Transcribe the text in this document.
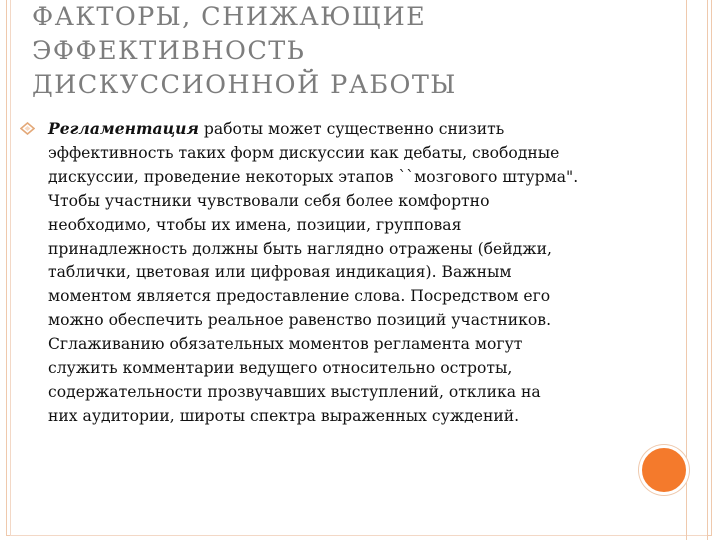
ФАКТОРЫ, СНИЖАЮЩИЕ
ЭФФЕКТИВНОСТЬ
ДИСКУССИОННОЙ РАБОТЫ
Регламентация работы может существенно снизить
эффективность таких форм дискуссии как дебаты, свободные
дискуссии, проведение некоторых этапов ``мозгового штурма".
Чтобы участники чувствовали себя более комфортно
необходимо, чтобы их имена, позиции, групповая
принадлежность должны быть наглядно отражены (бейджи,
таблички, цветовая или цифровая индикация). Важным
моментом является предоставление слова. Посредством его
можно обеспечить реальное равенство позиций участников.
Сглаживанию обязательных моментов регламента могут
служить комментарии ведущего относительно остроты,
содержательности прозвучавших выступлений, отклика на
них аудитории, широты спектра выраженных суждений.
